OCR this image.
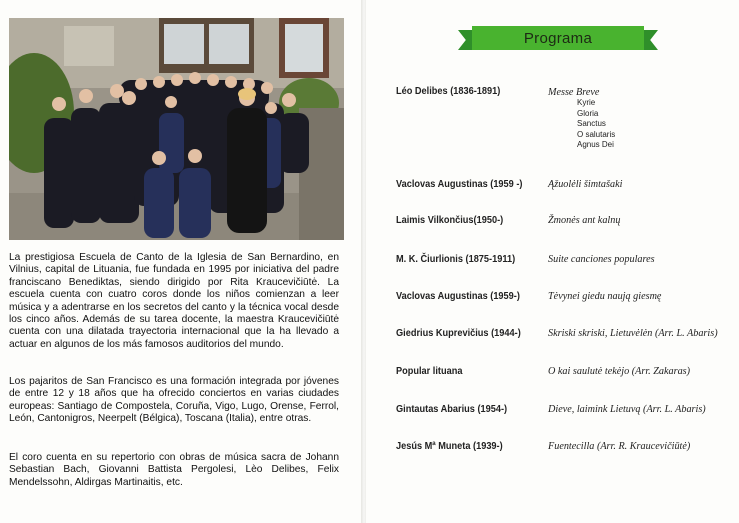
La prestigiosa Escuela de Canto de la Iglesia de San Bernardino, en Vilnius, capital de Lituania, fue fundada en 1995 por iniciativa del padre franciscano Benediktas, siendo dirigido por Rita Kraucevičiūtė. La escuela cuenta con cuatro coros donde los niños comienzan a leer música y a adentrarse en los secretos del canto y la técnica vocal desde los cinco años. Además de su tarea docente, la maestra Kraucevičiūtė cuenta con una dilatada trayectoria internacional que la ha llevado a actuar en algunos de los más famosos auditorios del mundo.

Los pajaritos de San Francisco es una formación integrada por jóvenes de entre 12 y 18 años que ha ofrecido conciertos en varias ciudades europeas: Santiago de Compostela, Coruña, Vigo, Lugo, Orense, Ferrol, León, Cantonigros, Neerpelt (Bélgica), Toscana (Italia), entre otras.

El coro cuenta en su repertorio con obras de música sacra de Johann Sebastian Bach, Giovanni Battista Pergolesi, Lèo Delibes, Felix Mendelssohn, Aldirgas Martinaitis, etc.

Programa
Léo Delibes (1836-1891)	Messe Breve
Kyrie
Gloria
Sanctus
O salutaris
Agnus Dei
Vaclovas Augustinas (1959 -)	Ąžuolėli šimtašaki
Laimis Vilkončius(1950-)	Žmonės ant kalnų
M. K. Čiurlionis (1875-1911)	Suite canciones populares
Vaclovas Augustinas (1959-)	Tėvynei giedu naują giesmę
Giedrius Kuprevičius (1944-)	Skriski skriski, Lietuvėlėn (Arr. L. Abaris)
Popular lituana	O kai saulutė tekėjo (Arr. Zakaras)
Gintautas Abarius (1954-)	Dieve, laimink Lietuvą (Arr. L. Abaris)
Jesús Mª Muneta (1939-)	Fuentecilla (Arr. R. Kraucevičiūtė)
